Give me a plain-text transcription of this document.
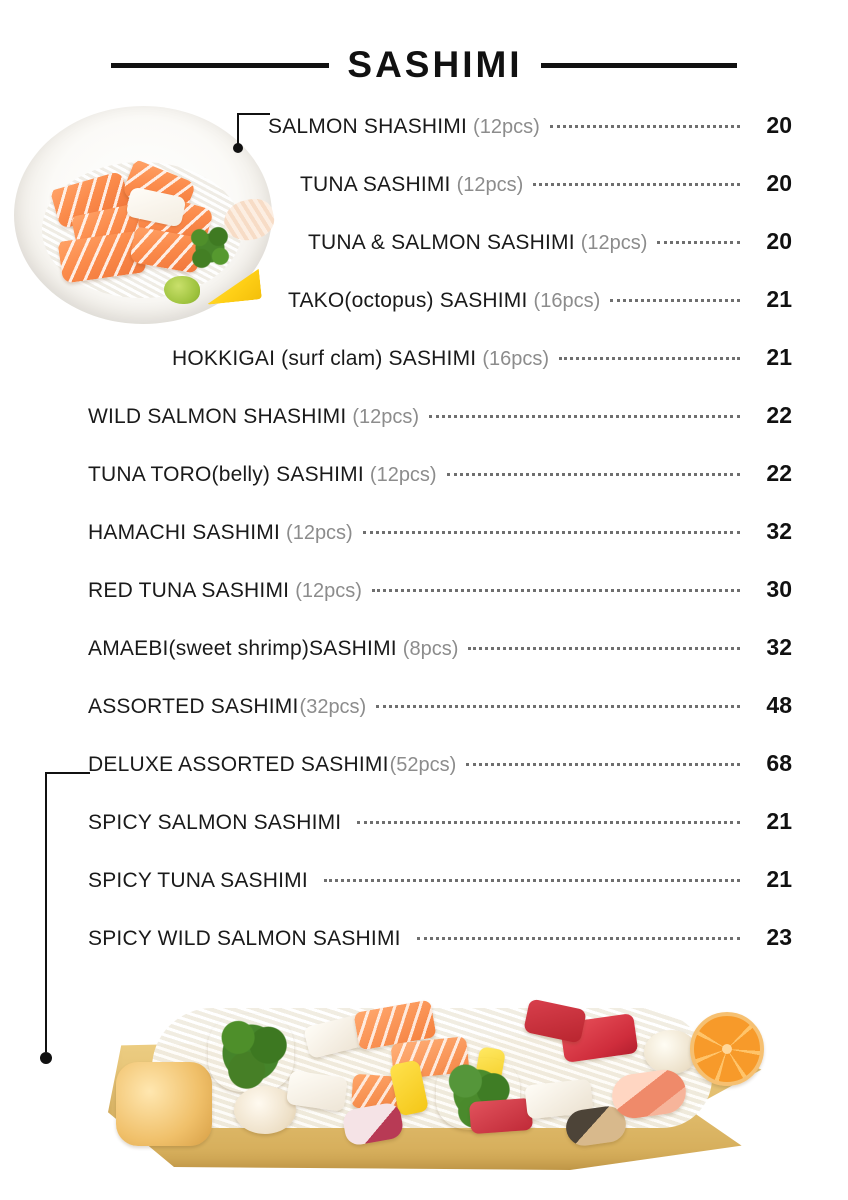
SASHIMI
SALMON SHASHIMI (12pcs)	20
TUNA SASHIMI (12pcs)	20
TUNA & SALMON SASHIMI (12pcs)	20
TAKO(octopus) SASHIMI (16pcs)	21
HOKKIGAI (surf clam) SASHIMI (16pcs)	21
WILD SALMON SHASHIMI (12pcs)	22
TUNA TORO(belly) SASHIMI (12pcs)	22
HAMACHI SASHIMI (12pcs)	32
RED TUNA SASHIMI (12pcs)	30
AMAEBI(sweet shrimp)SASHIMI (8pcs)	32
ASSORTED SASHIMI (32pcs)	48
DELUXE ASSORTED SASHIMI (52pcs)	68
SPICY SALMON SASHIMI	21
SPICY TUNA SASHIMI	21
SPICY WILD SALMON SASHIMI	23
